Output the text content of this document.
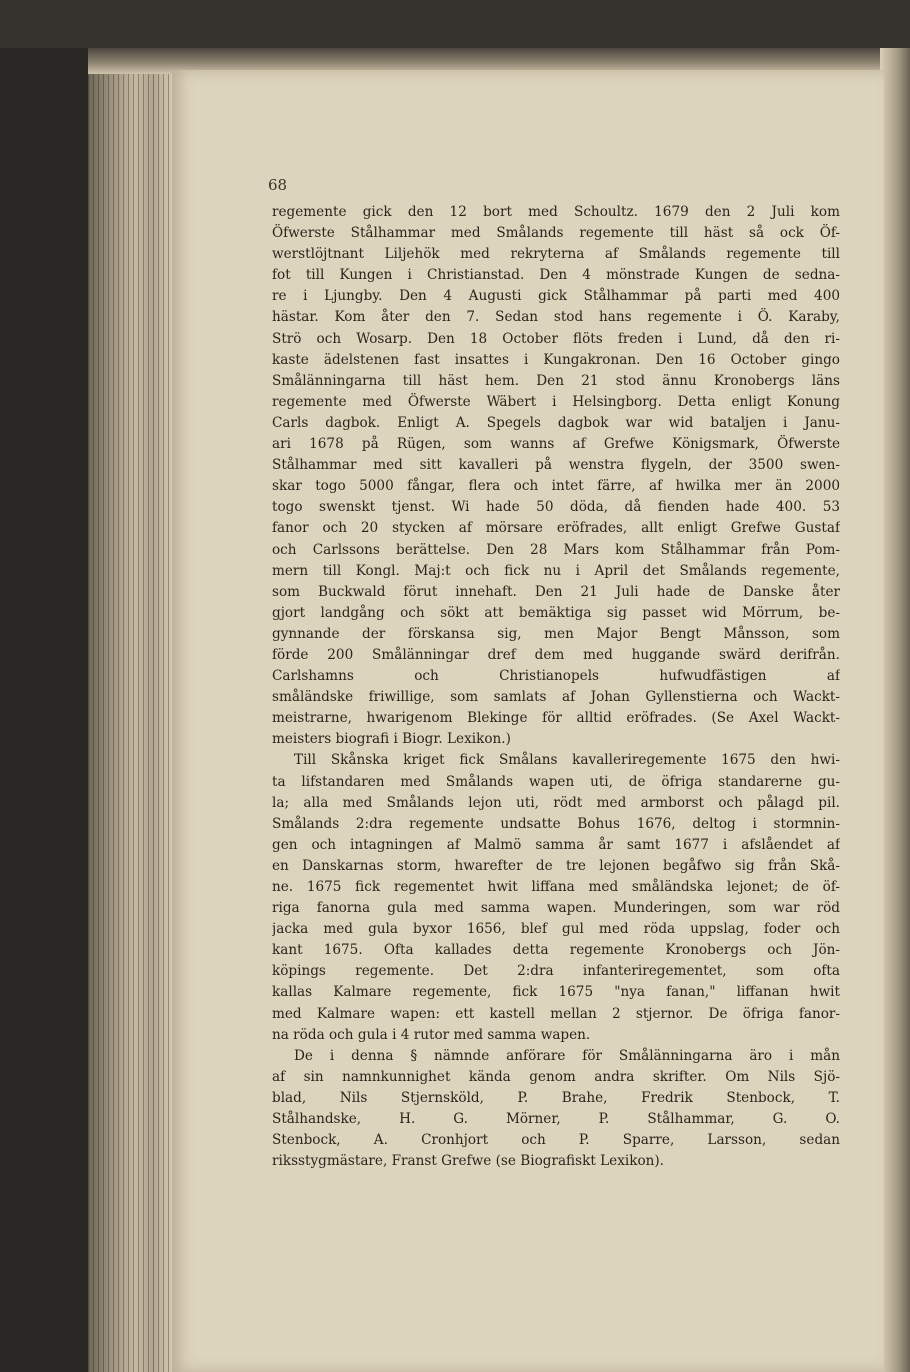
68
regemente gick den 12 bort med Schoultz. 1679 den 2 Juli kom
Öfwerste Stålhammar med Smålands regemente till häst så ock Öf-
werstlöjtnant Liljehök med rekryterna af Smålands regemente till
fot till Kungen i Christianstad. Den 4 mönstrade Kungen de sedna-
re i Ljungby. Den 4 Augusti gick Stålhammar på parti med 400
hästar. Kom åter den 7. Sedan stod hans regemente i Ö. Karaby,
Strö och Wosarp. Den 18 October flöts freden i Lund, då den ri-
kaste ädelstenen fast insattes i Kungakronan. Den 16 October gingo
Smålänningarna till häst hem. Den 21 stod ännu Kronobergs läns
regemente med Öfwerste Wäbert i Helsingborg. Detta enligt Konung
Carls dagbok. Enligt A. Spegels dagbok war wid bataljen i Janu-
ari 1678 på Rügen, som wanns af Grefwe Königsmark, Öfwerste
Stålhammar med sitt kavalleri på wenstra flygeln, der 3500 swen-
skar togo 5000 fångar, flera och intet färre, af hwilka mer än 2000
togo swenskt tjenst. Wi hade 50 döda, då fienden hade 400. 53
fanor och 20 stycken af mörsare eröfrades, allt enligt Grefwe Gustaf
och Carlssons berättelse. Den 28 Mars kom Stålhammar från Pom-
mern till Kongl. Maj:t och fick nu i April det Smålands regemente,
som Buckwald förut innehaft. Den 21 Juli hade de Danske åter
gjort landgång och sökt att bemäktiga sig passet wid Mörrum, be-
gynnande der förskansa sig, men Major Bengt Månsson, som
förde 200 Smålänningar dref dem med huggande swärd derifrån.
Carlshamns och Christianopels hufwudfästigen af
småländske friwillige, som samlats af Johan Gyllenstierna och Wackt-
meistrarne, hwarigenom Blekingе för alltid eröfrades. (Se Axel Wackt-
meisters biografi i Biogr. Lexikon.)
Till Skånska kriget fick Smålans kavalleriregemente 1675 den hwi-
ta lifstandaren med Smålands wapen uti, de öfriga standarerne gu-
la; alla med Smålands lejon uti, rödt med armborst och pålagd pil.
Smålands 2:dra regemente undsatte Bohus 1676, deltog i stormnin-
gen och intagningen af Malmö samma år samt 1677 i afslåendet af
en Danskarnas storm, hwarefter de tre lejonen begåfwo sig från Skå-
ne. 1675 fick regementet hwit liffana med småländska lejonet; de öf-
riga fanorna gula med samma wapen. Munderingen, som war röd
jacka med gula byxor 1656, blef gul med röda uppslag, foder och
kant 1675. Ofta kallades detta regemente Kronobergs och Jön-
köpings regemente. Det 2:dra infanteriregementet, som ofta
kallas Kalmare regemente, fick 1675 "nya fanan," liffanan hwit
med Kalmare wapen: ett kastell mellan 2 stjernor. De öfriga fanor-
na röda och gula i 4 rutor med samma wapen.
De i denna § nämnde anförare för Smålänningarna äro i mån
af sin namnkunnighet kända genom andra skrifter. Om Nils Sjö-
blad, Nils Stjernsköld, P. Brahe, Fredrik Stenbock, T.
Stålhandske, H. G. Mörner, P. Stålhammar, G. O.
Stenbock, A. Cronhjort och P. Sparre, Larsson, sedan
riksstygmästare, Franst Grefwe (se Biografiskt Lexikon).
